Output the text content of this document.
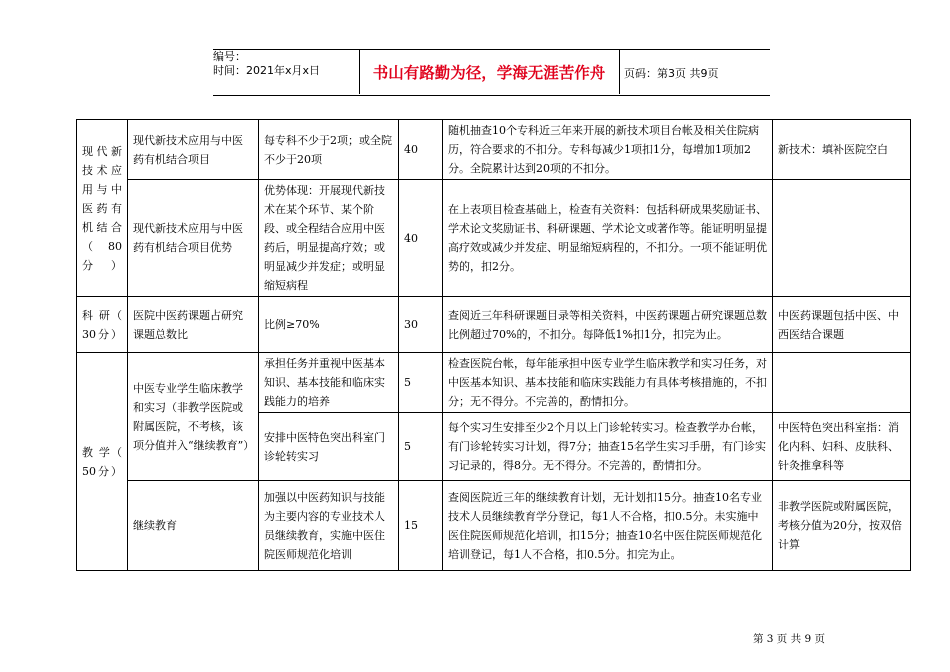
编号：
时间：2021年x月x日	书山有路勤为径，学海无涯苦作舟	页码：第3页 共9页
现代新技术应用与中医药有机结合（ 80分）	现代新技术应用与中医药有机结合项目	每专科不少于2项；或全院不少于20项	40	随机抽查10个专科近三年来开展的新技术项目台帐及相关住院病历，符合要求的不扣分。专科每减少1项扣1分，每增加1项加2分。全院累计达到20项的不扣分。	新技术：填补医院空白
	现代新技术应用与中医药有机结合项目优势	优势体现：开展现代新技术在某个环节、某个阶段、或全程结合应用中医药后，明显提高疗效；或明显减少并发症；或明显缩短病程	40	在上表项目检查基础上，检查有关资料：包括科研成果奖励证书、学术论文奖励证书、科研课题、学术论文或著作等。能证明明显提高疗效或减少并发症、明显缩短病程的，不扣分。一项不能证明优势的，扣2分。	
科 研（ 30分）	医院中医药课题占研究课题总数比	比例≥70%	30	查阅近三年科研课题目录等相关资料，中医药课题占研究课题总数比例超过70%的，不扣分。每降低1%扣1分，扣完为止。	中医药课题包括中医、中西医结合课题
教 学（ 50分）	中医专业学生临床教学和实习（非教学医院或附属医院，不考核，该项分值并入“继续教育”）	承担任务并重视中医基本知识、基本技能和临床实践能力的培养	5	检查医院台帐，每年能承担中医专业学生临床教学和实习任务，对中医基本知识、基本技能和临床实践能力有具体考核措施的，不扣分；无不得分。不完善的，酌情扣分。	
		安排中医特色突出科室门诊轮转实习	5	每个实习生安排至少2个月以上门诊轮转实习。检查教学办台帐，有门诊轮转实习计划，得7分；抽查15名学生实习手册，有门诊实习记录的，得8分。无不得分。不完善的，酌情扣分。	中医特色突出科室指：消化内科、妇科、皮肤科、针灸推拿科等
	继续教育	加强以中医药知识与技能为主要内容的专业技术人员继续教育，实施中医住院医师规范化培训	15	查阅医院近三年的继续教育计划，无计划扣15分。抽查10名专业技术人员继续教育学分登记，每1人不合格，扣0.5分。未实施中医住院医师规范化培训，扣15分；抽查10名中医住院医师规范化培训登记，每1人不合格，扣0.5分。扣完为止。	非教学医院或附属医院，考核分值为20分，按双倍计算
第 3 页 共 9 页
